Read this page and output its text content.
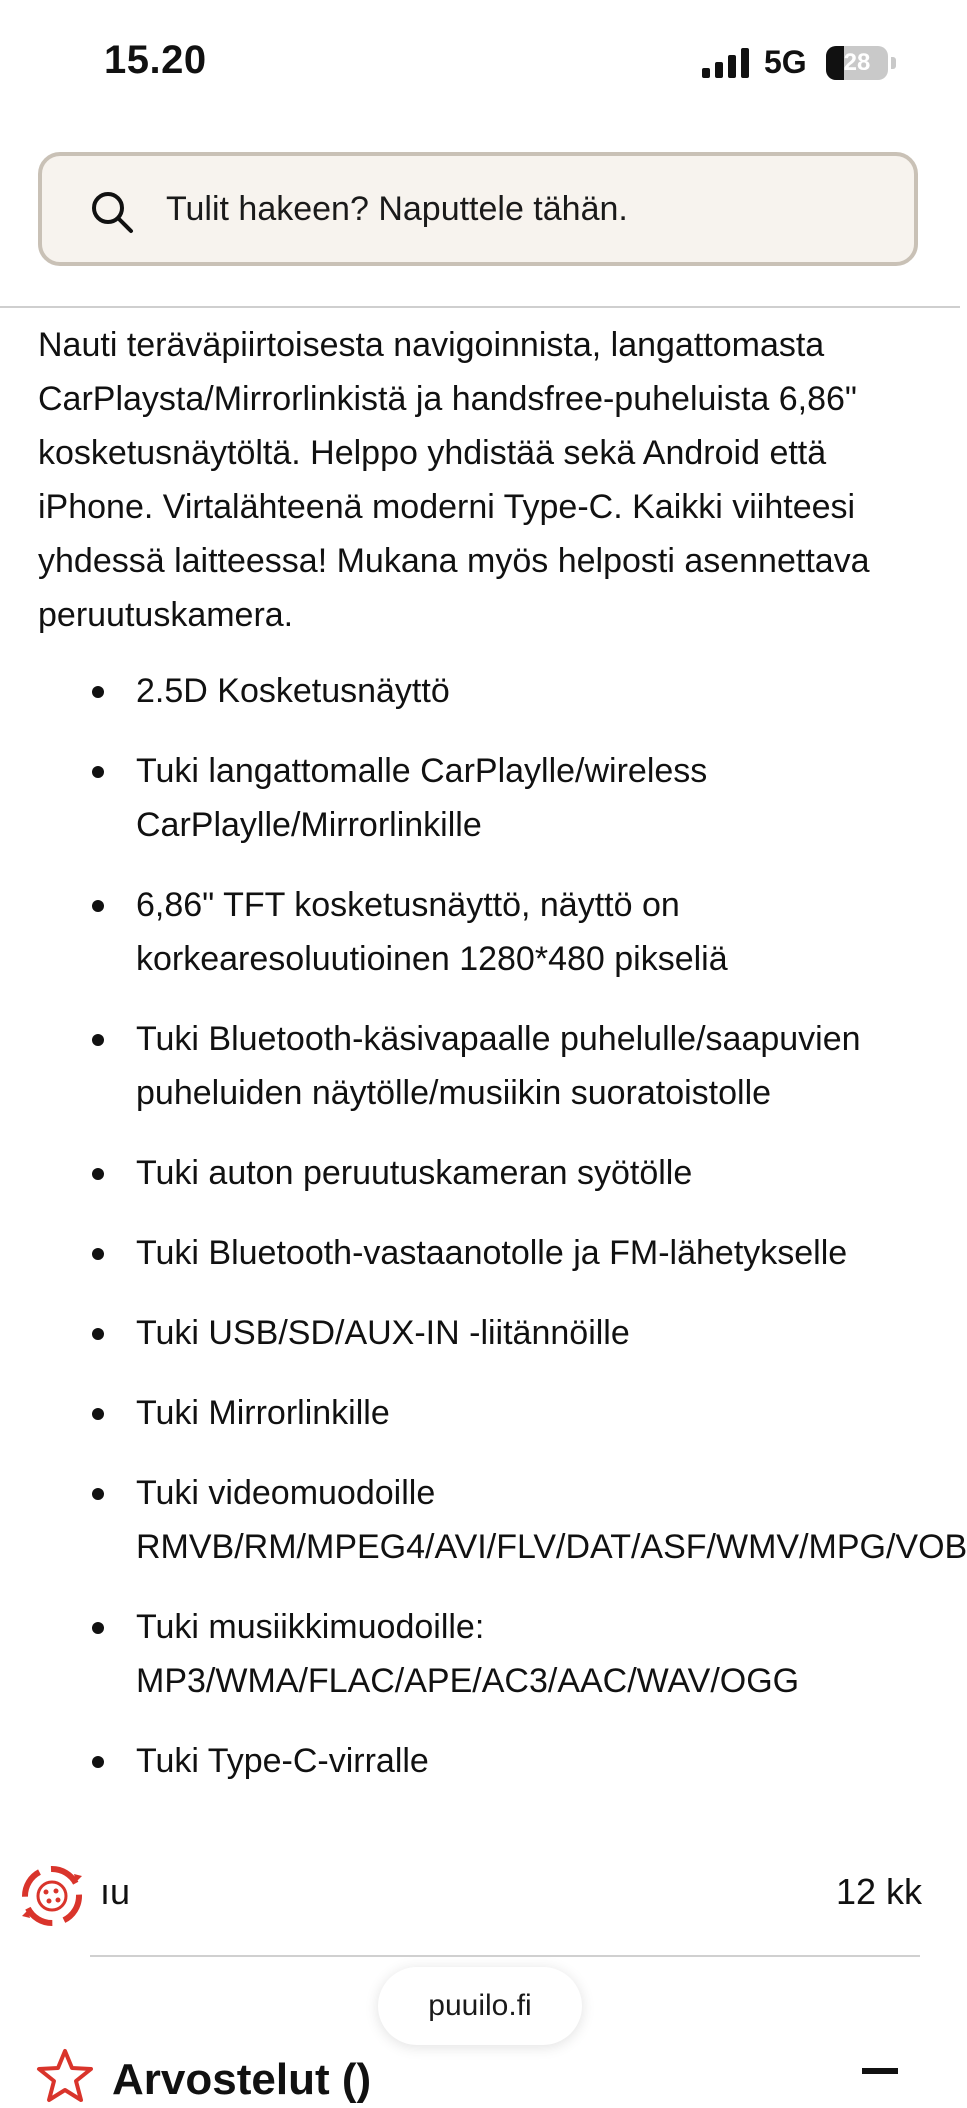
15.20	5G	28
Tulit hakeen? Naputtele tähän.

Nauti teräväpiirtoisesta navigoinnista, langattomasta CarPlaysta/Mirrorlinkistä ja handsfree-puheluista 6,86" kosketusnäytöltä. Helppo yhdistää sekä Android että iPhone. Virtalähteenä moderni Type-C. Kaikki viihteesi yhdessä laitteessa! Mukana myös helposti asennettava peruutuskamera.

2.5D Kosketusnäyttö
Tuki langattomalle CarPlaylle/wireless CarPlaylle/Mirrorlinkille
6,86" TFT kosketusnäyttö, näyttö on korkearesoluutioinen 1280*480 pikseliä
Tuki Bluetooth-käsivapaalle puhelulle/saapuvien puheluiden näytölle/musiikin suoratoistolle
Tuki auton peruutuskameran syötölle
Tuki Bluetooth-vastaanotolle ja FM-lähetykselle
Tuki USB/SD/AUX-IN -liitännöille
Tuki Mirrorlinkille
Tuki videomuodoille
RMVB/RM/MPEG4/AVI/FLV/DAT/ASF/WMV/MPG/VOB
Tuki musiikkimuodoille:
MP3/WMA/FLAC/APE/AC3/AAC/WAV/OGG
Tuki Type-C-virralle
ıu	12 kk
Arvostelut ()
puuilo.fi
